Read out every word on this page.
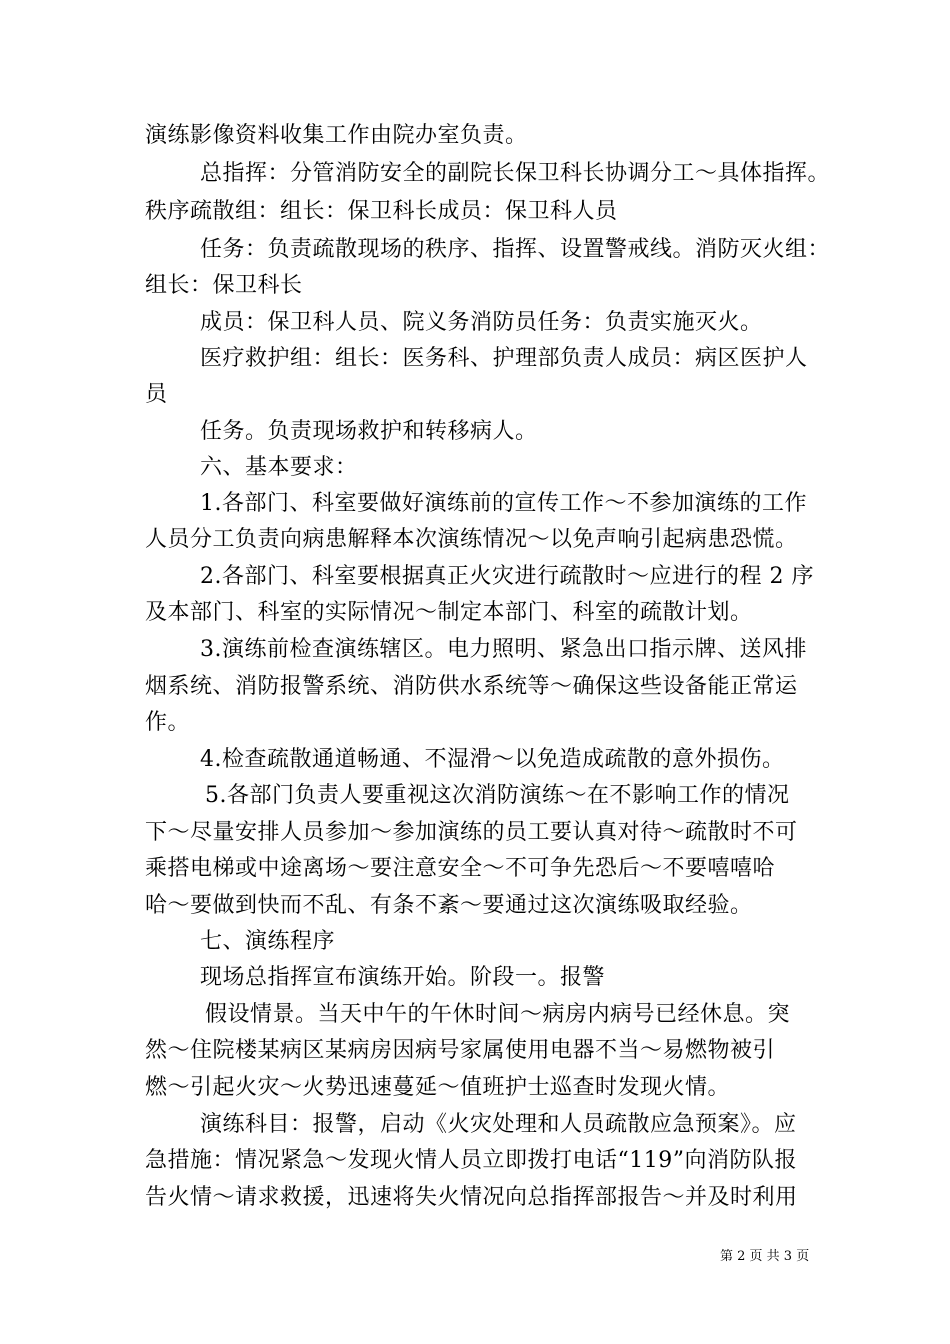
演练影像资料收集工作由院办室负责。
总指挥：分管消防安全的副院长保卫科长协调分工～具体指挥。
秩序疏散组：组长：保卫科长成员：保卫科人员
任务：负责疏散现场的秩序、指挥、设置警戒线。消防灭火组：
组长：保卫科长
成员：保卫科人员、院义务消防员任务：负责实施灭火。
医疗救护组：组长：医务科、护理部负责人成员：病区医护人
员
任务。负责现场救护和转移病人。
六、基本要求：
1.各部门、科室要做好演练前的宣传工作～不参加演练的工作
人员分工负责向病患解释本次演练情况～以免声响引起病患恐慌。
2.各部门、科室要根据真正火灾进行疏散时～应进行的程 2 序
及本部门、科室的实际情况～制定本部门、科室的疏散计划。
3.演练前检查演练辖区。电力照明、紧急出口指示牌、送风排
烟系统、消防报警系统、消防供水系统等～确保这些设备能正常运
作。
4.检查疏散通道畅通、不湿滑～以免造成疏散的意外损伤。
5.各部门负责人要重视这次消防演练～在不影响工作的情况
下～尽量安排人员参加～参加演练的员工要认真对待～疏散时不可
乘搭电梯或中途离场～要注意安全～不可争先恐后～不要嘻嘻哈
哈～要做到快而不乱、有条不紊～要通过这次演练吸取经验。
七、演练程序
现场总指挥宣布演练开始。阶段一。报警
假设情景。当天中午的午休时间～病房内病号已经休息。突
然～住院楼某病区某病房因病号家属使用电器不当～易燃物被引
燃～引起火灾～火势迅速蔓延～值班护士巡查时发现火情。
演练科目：报警，启动《火灾处理和人员疏散应急预案》。应
急措施：情况紧急～发现火情人员立即拨打电话“119”向消防队报
告火情～请求救援，迅速将失火情况向总指挥部报告～并及时利用
第 2 页 共 3 页
